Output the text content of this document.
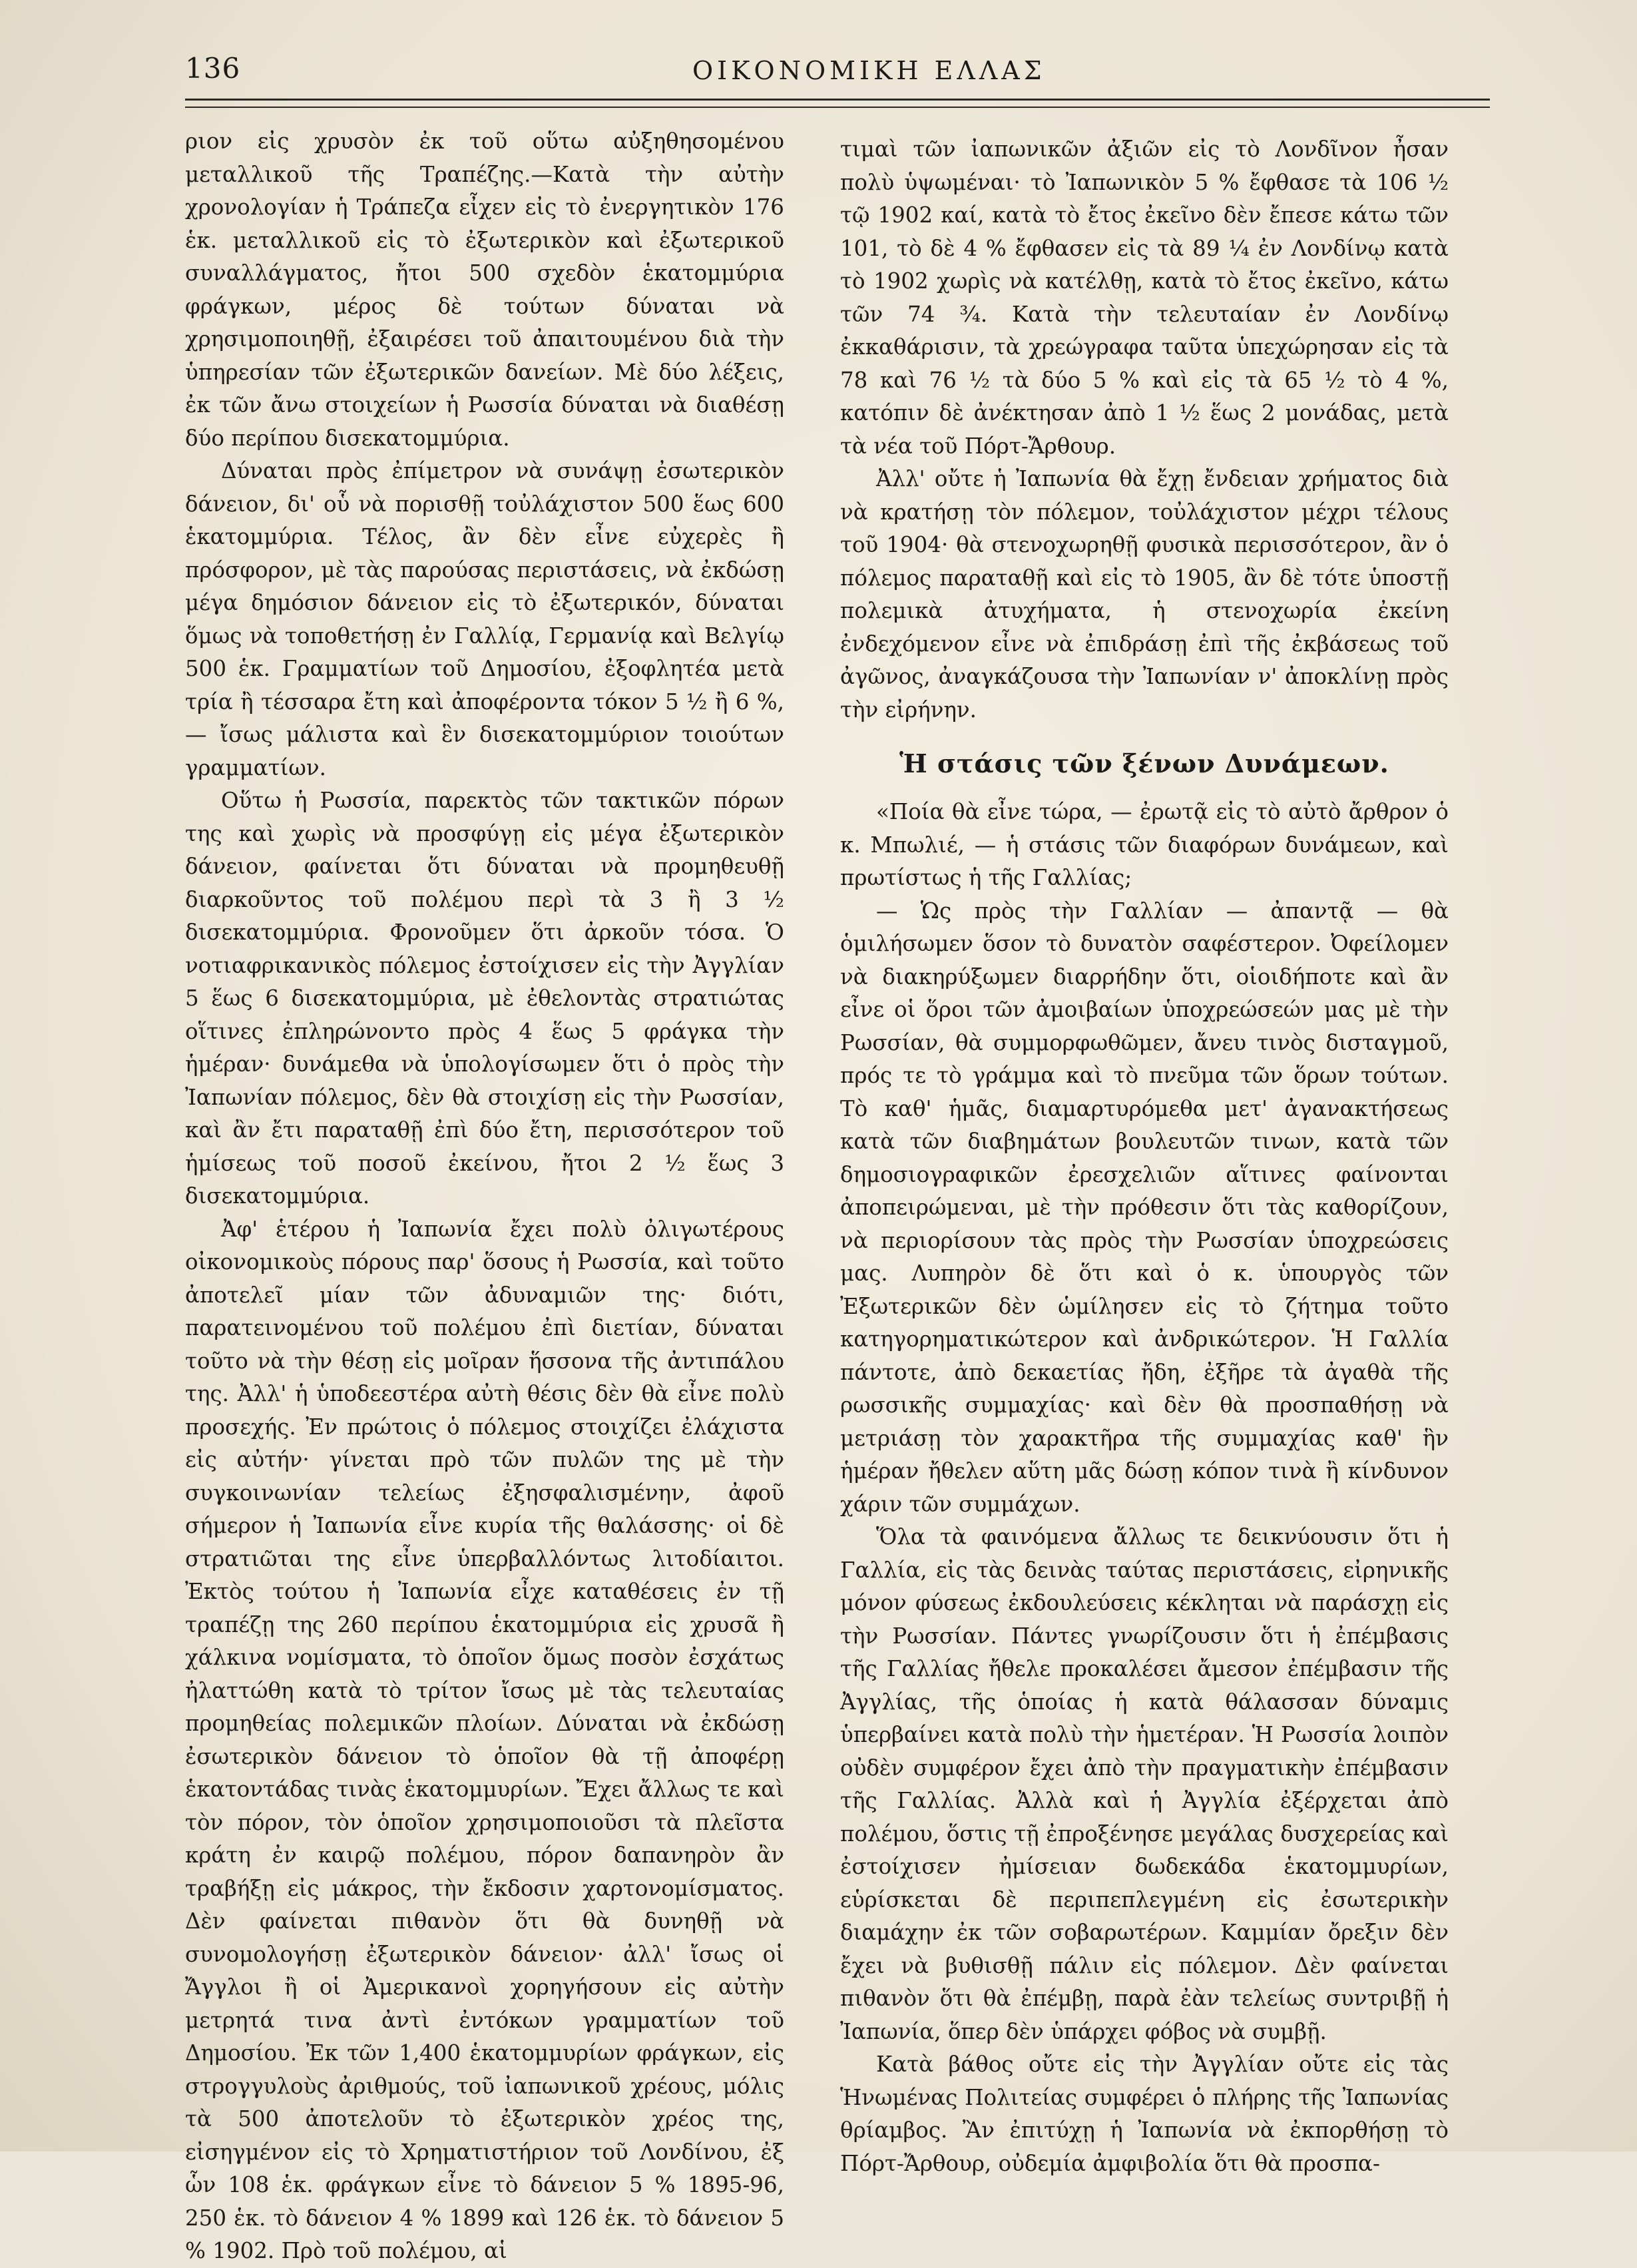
136	ΟΙΚΟΝΟΜΙΚΗ ΕΛΛΑΣ

ριον εἰς χρυσὸν ἐκ τοῦ οὕτω αὐξηθησομένου μεταλλικοῦ τῆς Τραπέζης.—Κατὰ τὴν αὐτὴν χρονολογίαν ἡ Τράπεζα εἶχεν εἰς τὸ ἐνεργητικὸν 176 ἑκ. μεταλλικοῦ εἰς τὸ ἐξωτερικὸν καὶ ἐξωτερικοῦ συναλλάγματος, ἤτοι 500 σχεδὸν ἑκατομμύρια φράγκων, μέρος δὲ τούτων δύναται νὰ χρησιμοποιηθῇ, ἐξαιρέσει τοῦ ἀπαιτουμένου διὰ τὴν ὑπηρεσίαν τῶν ἐξωτερικῶν δανείων. Μὲ δύο λέξεις, ἐκ τῶν ἄνω στοιχείων ἡ Ρωσσία δύναται νὰ διαθέσῃ δύο περίπου δισεκατομμύρια.

Δύναται πρὸς ἐπίμετρον νὰ συνάψῃ ἐσωτερικὸν δάνειον, δι' οὗ νὰ πορισθῇ τοὐλάχιστον 500 ἕως 600 ἑκατομμύρια. Τέλος, ἂν δὲν εἶνε εὐχερὲς ἢ πρόσφορον, μὲ τὰς παρούσας περιστάσεις, νὰ ἐκδώσῃ μέγα δημόσιον δάνειον εἰς τὸ ἐξωτερικόν, δύναται ὅμως νὰ τοποθετήσῃ ἐν Γαλλίᾳ, Γερμανίᾳ καὶ Βελγίῳ 500 ἑκ. Γραμματίων τοῦ Δημοσίου, ἐξοφλητέα μετὰ τρία ἢ τέσσαρα ἔτη καὶ ἀποφέροντα τόκον 5 ½ ἢ 6 %, — ἴσως μάλιστα καὶ ἓν δισεκατομμύριον τοιούτων γραμματίων.

Οὕτω ἡ Ρωσσία, παρεκτὸς τῶν τακτικῶν πόρων της καὶ χωρὶς νὰ προσφύγῃ εἰς μέγα ἐξωτερικὸν δάνειον, φαίνεται ὅτι δύναται νὰ προμηθευθῇ διαρκοῦντος τοῦ πολέμου περὶ τὰ 3 ἢ 3 ½ δισεκατομμύρια. Φρονοῦμεν ὅτι ἀρκοῦν τόσα. Ὁ νοτιαφρικανικὸς πόλεμος ἐστοίχισεν εἰς τὴν Ἀγγλίαν 5 ἕως 6 δισεκατομμύρια, μὲ ἐθελοντὰς στρατιώτας οἵτινες ἐπληρώνοντο πρὸς 4 ἕως 5 φράγκα τὴν ἡμέραν· δυνάμεθα νὰ ὑπολογίσωμεν ὅτι ὁ πρὸς τὴν Ἰαπωνίαν πόλεμος, δὲν θὰ στοιχίσῃ εἰς τὴν Ρωσσίαν, καὶ ἂν ἔτι παραταθῇ ἐπὶ δύο ἔτη, περισσότερον τοῦ ἡμίσεως τοῦ ποσοῦ ἐκείνου, ἤτοι 2 ½ ἕως 3 δισεκατομμύρια.

Ἀφ' ἑτέρου ἡ Ἰαπωνία ἔχει πολὺ ὀλιγωτέρους οἰκονομικοὺς πόρους παρ' ὅσους ἡ Ρωσσία, καὶ τοῦτο ἀποτελεῖ μίαν τῶν ἀδυναμιῶν της· διότι, παρατεινομένου τοῦ πολέμου ἐπὶ διετίαν, δύναται τοῦτο νὰ τὴν θέσῃ εἰς μοῖραν ἥσσονα τῆς ἀντιπάλου της. Ἀλλ' ἡ ὑποδεεστέρα αὐτὴ θέσις δὲν θὰ εἶνε πολὺ προσεχής. Ἐν πρώτοις ὁ πόλεμος στοιχίζει ἐλάχιστα εἰς αὐτήν· γίνεται πρὸ τῶν πυλῶν της μὲ τὴν συγκοινωνίαν τελείως ἐξησφαλισμένην, ἀφοῦ σήμερον ἡ Ἰαπωνία εἶνε κυρία τῆς θαλάσσης· οἱ δὲ στρατιῶται της εἶνε ὑπερβαλλόντως λιτοδίαιτοι. Ἐκτὸς τούτου ἡ Ἰαπωνία εἶχε καταθέσεις ἐν τῇ τραπέζῃ της 260 περίπου ἑκατομμύρια εἰς χρυσᾶ ἢ χάλκινα νομίσματα, τὸ ὁποῖον ὅμως ποσὸν ἐσχάτως ἠλαττώθη κατὰ τὸ τρίτον ἴσως μὲ τὰς τελευταίας προμηθείας πολεμικῶν πλοίων. Δύναται νὰ ἐκδώσῃ ἐσωτερικὸν δάνειον τὸ ὁποῖον θὰ τῇ ἀποφέρῃ ἑκατοντάδας τινὰς ἑκατομμυρίων. Ἔχει ἄλλως τε καὶ τὸν πόρον, τὸν ὁποῖον χρησιμοποιοῦσι τὰ πλεῖστα κράτη ἐν καιρῷ πολέμου, πόρον δαπανηρὸν ἂν τραβήξῃ εἰς μάκρος, τὴν ἔκδοσιν χαρτονομίσματος. Δὲν φαίνεται πιθανὸν ὅτι θὰ δυνηθῇ νὰ συνομολογήσῃ ἐξωτερικὸν δάνειον· ἀλλ' ἴσως οἱ Ἄγγλοι ἢ οἱ Ἀμερικανοὶ χορηγήσουν εἰς αὐτὴν μετρητά τινα ἀντὶ ἐντόκων γραμματίων τοῦ Δημοσίου. Ἐκ τῶν 1,400 ἑκατομμυρίων φράγκων, εἰς στρογγυλοὺς ἀριθμούς, τοῦ ἰαπωνικοῦ χρέους, μόλις τὰ 500 ἀποτελοῦν τὸ ἐξωτερικὸν χρέος της, εἰσηγμένον εἰς τὸ Χρηματιστήριον τοῦ Λονδίνου, ἐξ ὧν 108 ἑκ. φράγκων εἶνε τὸ δάνειον 5 % 1895-96, 250 ἑκ. τὸ δάνειον 4 % 1899 καὶ 126 ἑκ. τὸ δάνειον 5 % 1902. Πρὸ τοῦ πολέμου, αἱ

τιμαὶ τῶν ἰαπωνικῶν ἀξιῶν εἰς τὸ Λονδῖνον ἦσαν πολὺ ὑψωμέναι· τὸ Ἰαπωνικὸν 5 % ἔφθασε τὰ 106 ½ τῷ 1902 καί, κατὰ τὸ ἔτος ἐκεῖνο δὲν ἔπεσε κάτω τῶν 101, τὸ δὲ 4 % ἔφθασεν εἰς τὰ 89 ¼ ἐν Λονδίνῳ κατὰ τὸ 1902 χωρὶς νὰ κατέλθῃ, κατὰ τὸ ἔτος ἐκεῖνο, κάτω τῶν 74 ¾. Κατὰ τὴν τελευταίαν ἐν Λονδίνῳ ἐκκαθάρισιν, τὰ χρεώγραφα ταῦτα ὑπεχώρησαν εἰς τὰ 78 καὶ 76 ½ τὰ δύο 5 % καὶ εἰς τὰ 65 ½ τὸ 4 %, κατόπιν δὲ ἀνέκτησαν ἀπὸ 1 ½ ἕως 2 μονάδας, μετὰ τὰ νέα τοῦ Πόρτ-Ἄρθουρ.

Ἀλλ' οὔτε ἡ Ἰαπωνία θὰ ἔχῃ ἔνδειαν χρήματος διὰ νὰ κρατήσῃ τὸν πόλεμον, τοὐλάχιστον μέχρι τέλους τοῦ 1904· θὰ στενοχωρηθῇ φυσικὰ περισσότερον, ἂν ὁ πόλεμος παραταθῇ καὶ εἰς τὸ 1905, ἂν δὲ τότε ὑποστῇ πολεμικὰ ἀτυχήματα, ἡ στενοχωρία ἐκείνη ἐνδεχόμενον εἶνε νὰ ἐπιδράσῃ ἐπὶ τῆς ἐκβάσεως τοῦ ἀγῶνος, ἀναγκάζουσα τὴν Ἰαπωνίαν ν' ἀποκλίνῃ πρὸς τὴν εἰρήνην.

Ἡ στάσις τῶν ξένων Δυνάμεων.

«Ποία θὰ εἶνε τώρα, — ἐρωτᾷ εἰς τὸ αὐτὸ ἄρθρον ὁ κ. Μπωλιέ, — ἡ στάσις τῶν διαφόρων δυνάμεων, καὶ πρωτίστως ἡ τῆς Γαλλίας;

— Ὡς πρὸς τὴν Γαλλίαν — ἀπαντᾷ — θὰ ὁμιλήσωμεν ὅσον τὸ δυνατὸν σαφέστερον. Ὀφείλομεν νὰ διακηρύξωμεν διαρρήδην ὅτι, οἱοιδήποτε καὶ ἂν εἶνε οἱ ὅροι τῶν ἀμοιβαίων ὑποχρεώσεών μας μὲ τὴν Ρωσσίαν, θὰ συμμορφωθῶμεν, ἄνευ τινὸς δισταγμοῦ, πρός τε τὸ γράμμα καὶ τὸ πνεῦμα τῶν ὅρων τούτων. Τὸ καθ' ἡμᾶς, διαμαρτυρόμεθα μετ' ἀγανακτήσεως κατὰ τῶν διαβημάτων βουλευτῶν τινων, κατὰ τῶν δημοσιογραφικῶν ἐρεσχελιῶν αἵτινες φαίνονται ἀποπειρώμεναι, μὲ τὴν πρόθεσιν ὅτι τὰς καθορίζουν, νὰ περιορίσουν τὰς πρὸς τὴν Ρωσσίαν ὑποχρεώσεις μας. Λυπηρὸν δὲ ὅτι καὶ ὁ κ. ὑπουργὸς τῶν Ἐξωτερικῶν δὲν ὡμίλησεν εἰς τὸ ζήτημα τοῦτο κατηγορηματικώτερον καὶ ἀνδρικώτερον. Ἡ Γαλλία πάντοτε, ἀπὸ δεκαετίας ἤδη, ἐξῆρε τὰ ἀγαθὰ τῆς ρωσσικῆς συμμαχίας· καὶ δὲν θὰ προσπαθήσῃ νὰ μετριάσῃ τὸν χαρακτῆρα τῆς συμμαχίας καθ' ἣν ἡμέραν ἤθελεν αὕτη μᾶς δώσῃ κόπον τινὰ ἢ κίνδυνον χάριν τῶν συμμάχων.

Ὅλα τὰ φαινόμενα ἄλλως τε δεικνύουσιν ὅτι ἡ Γαλλία, εἰς τὰς δεινὰς ταύτας περιστάσεις, εἰρηνικῆς μόνον φύσεως ἐκδουλεύσεις κέκληται νὰ παράσχῃ εἰς τὴν Ρωσσίαν. Πάντες γνωρίζουσιν ὅτι ἡ ἐπέμβασις τῆς Γαλλίας ἤθελε προκαλέσει ἄμεσον ἐπέμβασιν τῆς Ἀγγλίας, τῆς ὁποίας ἡ κατὰ θάλασσαν δύναμις ὑπερβαίνει κατὰ πολὺ τὴν ἡμετέραν. Ἡ Ρωσσία λοιπὸν οὐδὲν συμφέρον ἔχει ἀπὸ τὴν πραγματικὴν ἐπέμβασιν τῆς Γαλλίας. Ἀλλὰ καὶ ἡ Ἀγγλία ἐξέρχεται ἀπὸ πολέμου, ὅστις τῇ ἐπροξένησε μεγάλας δυσχερείας καὶ ἐστοίχισεν ἠμίσειαν δωδεκάδα ἑκατομμυρίων, εὑρίσκεται δὲ περιπεπλεγμένη εἰς ἐσωτερικὴν διαμάχην ἐκ τῶν σοβαρωτέρων. Καμμίαν ὄρεξιν δὲν ἔχει νὰ βυθισθῇ πάλιν εἰς πόλεμον. Δὲν φαίνεται πιθανὸν ὅτι θὰ ἐπέμβῃ, παρὰ ἐὰν τελείως συντριβῇ ἡ Ἰαπωνία, ὅπερ δὲν ὑπάρχει φόβος νὰ συμβῇ.

Κατὰ βάθος οὔτε εἰς τὴν Ἀγγλίαν οὔτε εἰς τὰς Ἡνωμένας Πολιτείας συμφέρει ὁ πλήρης τῆς Ἰαπωνίας θρίαμβος. Ἂν ἐπιτύχῃ ἡ Ἰαπωνία νὰ ἐκπορθήσῃ τὸ Πόρτ-Ἄρθουρ, οὐδεμία ἀμφιβολία ὅτι θὰ προσπα-
